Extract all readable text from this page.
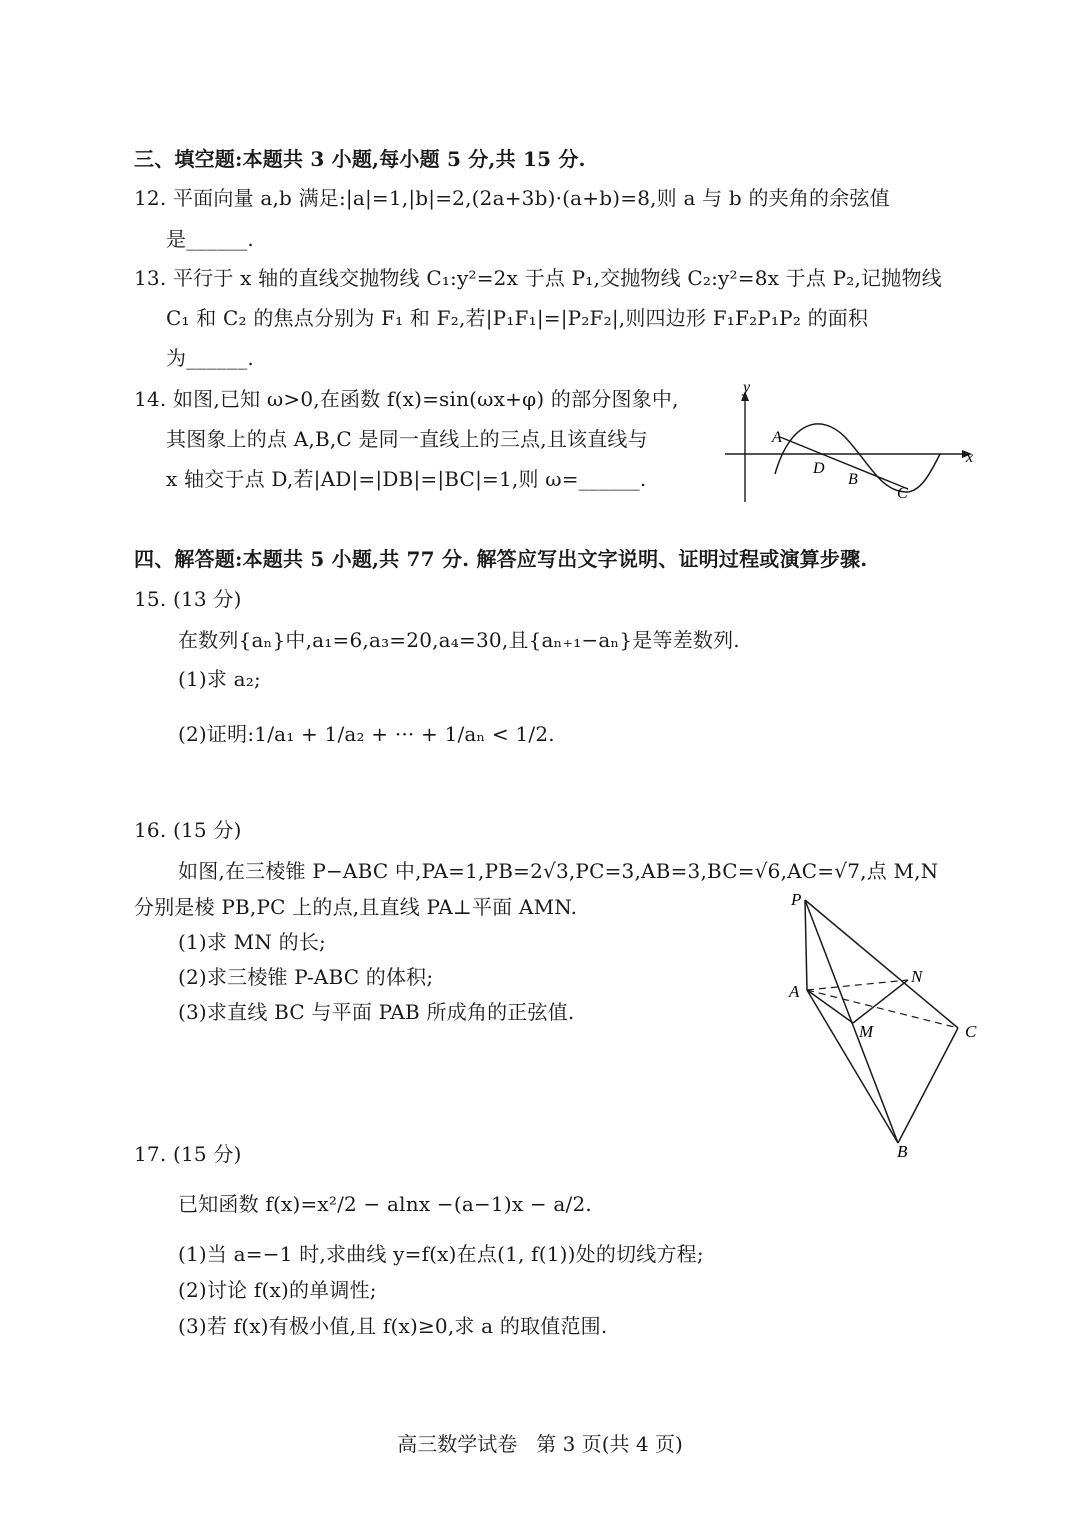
三、填空题:本题共 3 小题,每小题 5 分,共 15 分.
12. 平面向量 a,b 满足:|a|=1,|b|=2,(2a+3b)·(a+b)=8,则 a 与 b 的夹角的余弦值
是______.
13. 平行于 x 轴的直线交抛物线 C₁:y²=2x 于点 P₁,交抛物线 C₂:y²=8x 于点 P₂,记抛物线
C₁ 和 C₂ 的焦点分别为 F₁ 和 F₂,若|P₁F₁|=|P₂F₂|,则四边形 F₁F₂P₁P₂ 的面积
为______.
14. 如图,已知 ω>0,在函数 f(x)=sin(ωx+φ) 的部分图象中,
其图象上的点 A,B,C 是同一直线上的三点,且该直线与
x 轴交于点 D,若|AD|=|DB|=|BC|=1,则 ω=______.
y
x
A
D
B
C
四、解答题:本题共 5 小题,共 77 分. 解答应写出文字说明、证明过程或演算步骤.
15. (13 分)
在数列{aₙ}中,a₁=6,a₃=20,a₄=30,且{aₙ₊₁−aₙ}是等差数列.
(1)求 a₂;
(2)证明:1/a₁ + 1/a₂ + ··· + 1/aₙ < 1/2.
16. (15 分)
如图,在三棱锥 P−ABC 中,PA=1,PB=2√3,PC=3,AB=3,BC=√6,AC=√7,点 M,N
分别是棱 PB,PC 上的点,且直线 PA⊥平面 AMN.
(1)求 MN 的长;
(2)求三棱锥 P-ABC 的体积;
(3)求直线 BC 与平面 PAB 所成角的正弦值.
P
A
N
M	C
B
17. (15 分)
已知函数 f(x)=x²/2 − alnx −(a−1)x − a/2.
(1)当 a=−1 时,求曲线 y=f(x)在点(1, f(1))处的切线方程;
(2)讨论 f(x)的单调性;
(3)若 f(x)有极小值,且 f(x)≥0,求 a 的取值范围.
高三数学试卷   第 3 页(共 4 页)
